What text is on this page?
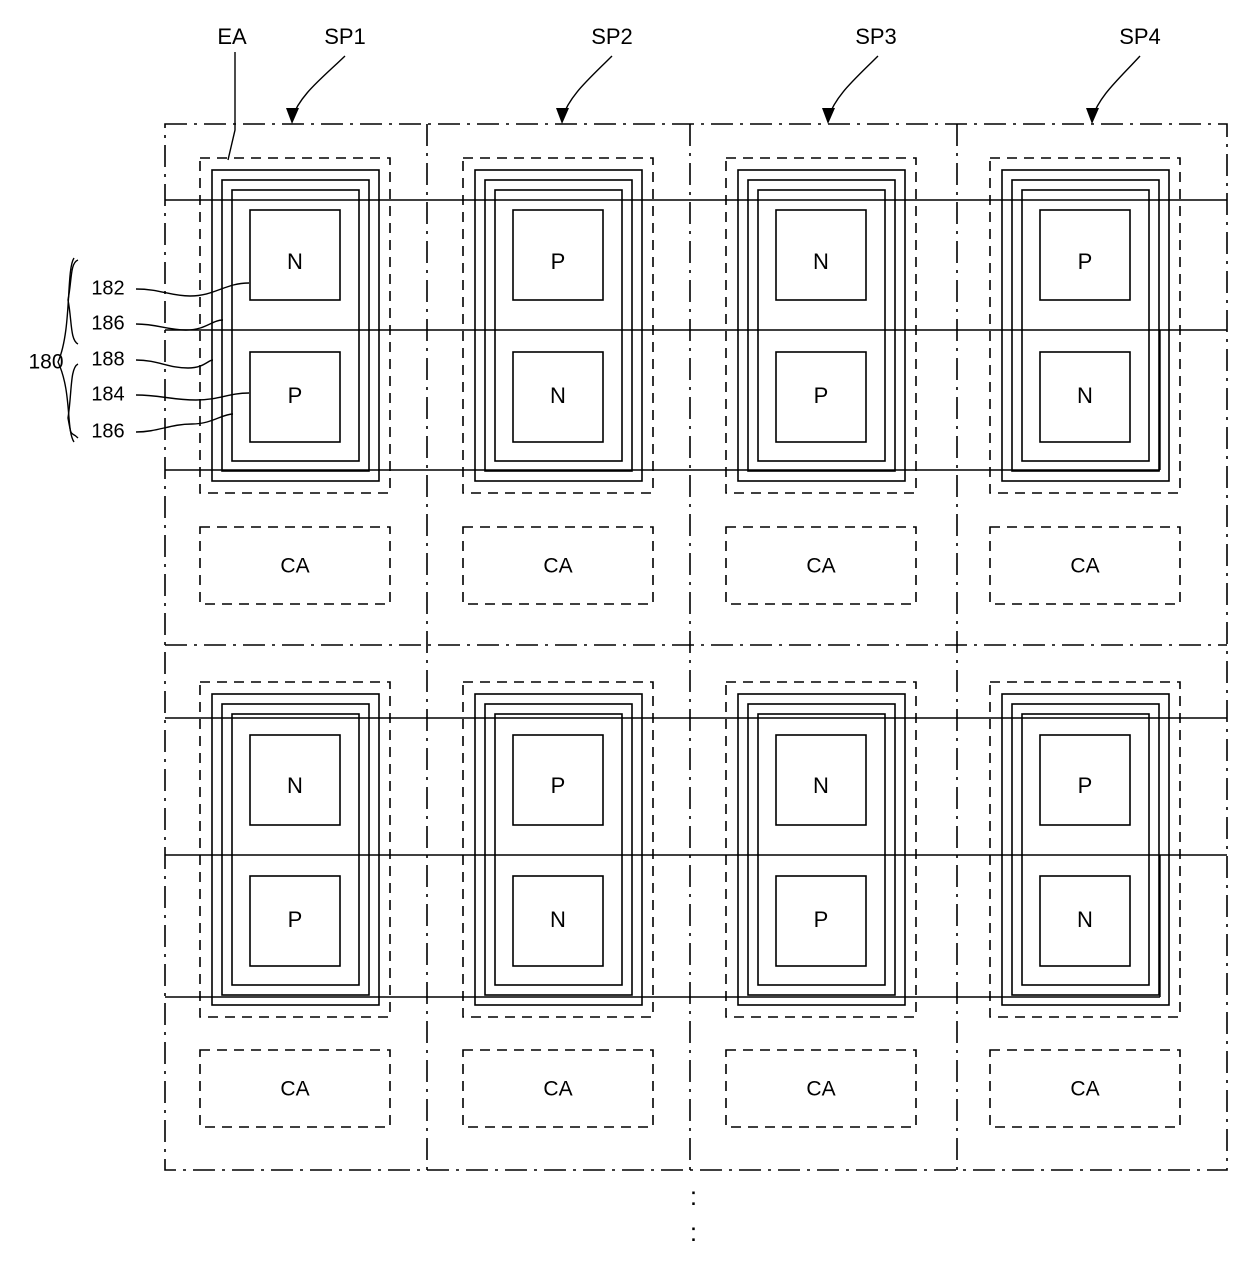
N
P
CA
P
N
CA
N
P
CA
P
N
CA
N
P
CA
P
N
CA
N
P
CA
P
N
CA
EA	SP1	SP2	SP3	SP4
180
182
186
188
184
186
:
:
